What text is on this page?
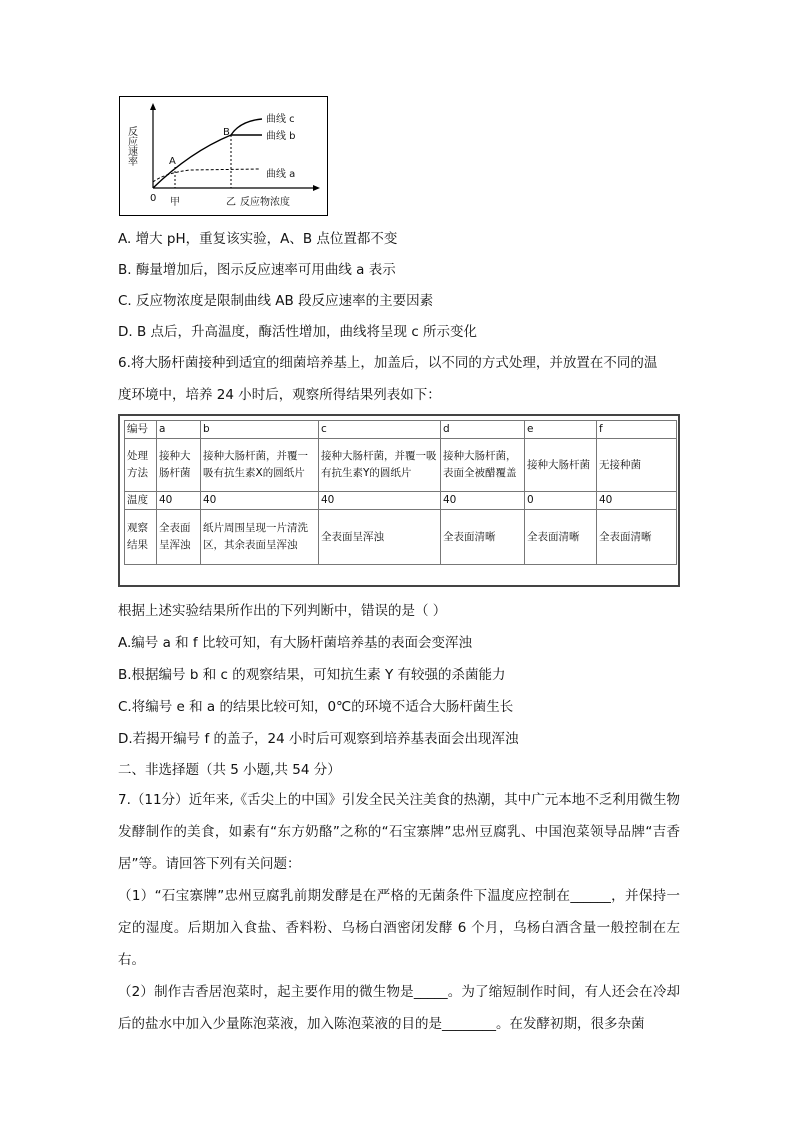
反
应
速
率
0 甲	乙 反应物浓度
A
B
曲线 a
曲线 b
曲线 c
A. 增大 pH，重复该实验，A、B 点位置都不变
B. 酶量增加后，图示反应速率可用曲线 a 表示
C. 反应物浓度是限制曲线 AB 段反应速率的主要因素
D. B 点后，升高温度，酶活性增加，曲线将呈现 c 所示变化
6.将大肠杆菌接种到适宜的细菌培养基上，加盖后，以不同的方式处理，并放置在不同的温
度环境中，培养 24 小时后，观察所得结果列表如下：
编号	a	b	c	d	e	f
处理方法	接种大肠杆菌	接种大肠杆菌，并覆一吸有抗生素X的圆纸片	接种大肠杆菌，并覆一吸有抗生素Y的圆纸片	接种大肠杆菌，表面全被醋覆盖	接种大肠杆菌	无接种菌
温度	40	40	40	40	0	40
观察结果	全表面呈浑浊	纸片周围呈现一片清洗区，其余表面呈浑浊	全表面呈浑浊	全表面清晰	全表面清晰	全表面清晰
根据上述实验结果所作出的下列判断中，错误的是（ ）
A.编号 a 和 f 比较可知，有大肠杆菌培养基的表面会变浑浊
B.根据编号 b 和 c 的观察结果，可知抗生素 Y 有较强的杀菌能力
C.将编号 e 和 a 的结果比较可知，0℃的环境不适合大肠杆菌生长
D.若揭开编号 f 的盖子，24 小时后可观察到培养基表面会出现浑浊
二、非选择题（共 5 小题,共 54 分）
7.（11分）近年来,《舌尖上的中国》引发全民关注美食的热潮，其中广元本地不乏利用微生物发酵制作的美食，如素有“东方奶酪”之称的“石宝寨牌”忠州豆腐乳、中国泡菜领导品牌“吉香居”等。请回答下列有关问题：
（1）“石宝寨牌”忠州豆腐乳前期发酵是在严格的无菌条件下温度应控制在______，并保持一定的湿度。后期加入食盐、香料粉、乌杨白酒密闭发酵 6 个月，乌杨白酒含量一般控制在左右。
（2）制作吉香居泡菜时，起主要作用的微生物是_____。为了缩短制作时间，有人还会在冷却后的盐水中加入少量陈泡菜液，加入陈泡菜液的目的是________。在发酵初期，很多杂菌
